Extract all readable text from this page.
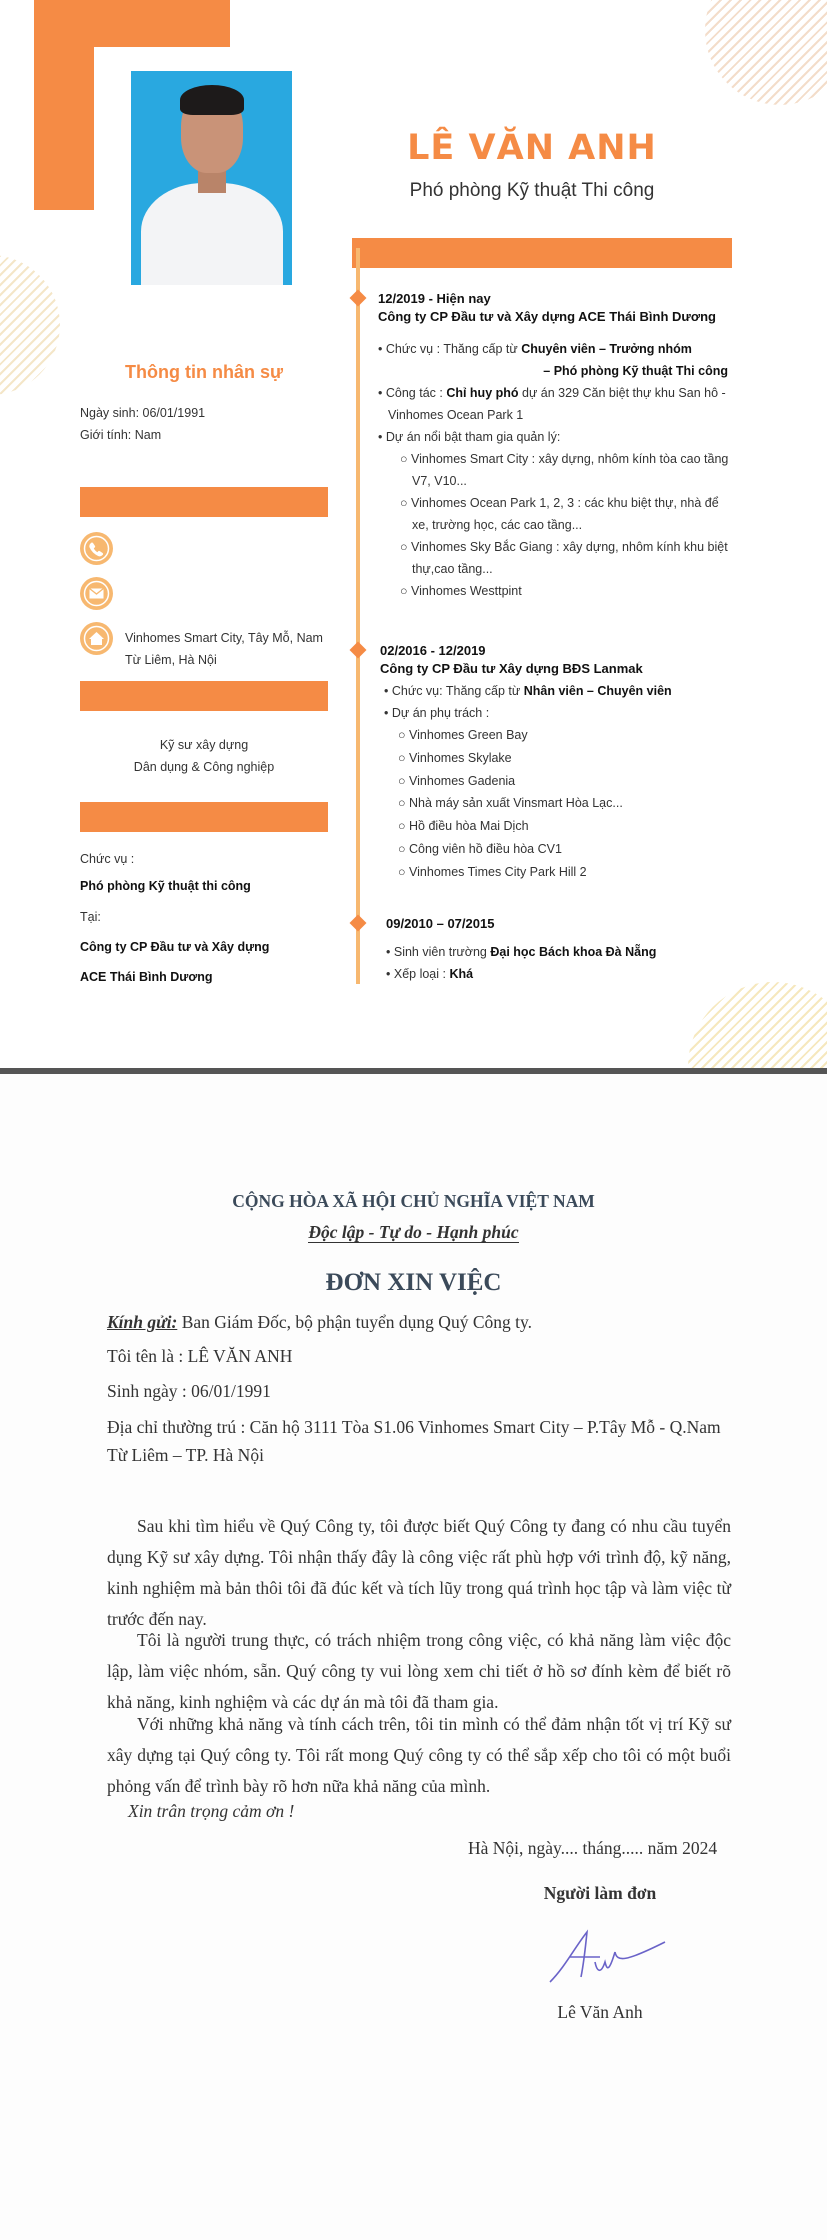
LÊ VĂN ANH
Phó phòng Kỹ thuật Thi công
Thông tin nhân sự
Ngày sinh: 06/01/1991
Giới tính: Nam
Vinhomes Smart City, Tây Mỗ, Nam Từ Liêm, Hà Nội
Kỹ sư xây dựng
Dân dụng & Công nghiệp
Chức vụ :
Phó phòng Kỹ thuật thi công
Tại:
Công ty CP Đầu tư và Xây dựng
ACE Thái Bình Dương
12/2019 - Hiện nay
Công ty CP Đầu tư và Xây dựng ACE Thái Bình Dương
• Chức vụ : Thăng cấp từ Chuyên viên – Trưởng nhóm
– Phó phòng Kỹ thuật Thi công
• Công tác : Chỉ huy phó dự án 329 Căn biệt thự khu San hô - Vinhomes Ocean Park 1
• Dự án nổi bật tham gia quản lý:
○ Vinhomes Smart City : xây dựng, nhôm kính tòa cao tầng V7, V10...
○ Vinhomes Ocean Park 1, 2, 3 : các khu biệt thự, nhà để xe, trường học, các cao tầng...
○ Vinhomes Sky Bắc Giang : xây dựng, nhôm kính khu biệt thự,cao tầng...
○ Vinhomes Westtpint
02/2016 - 12/2019
Công ty CP Đầu tư Xây dựng BĐS Lanmak
• Chức vụ: Thăng cấp từ Nhân viên – Chuyên viên
• Dự án phụ trách :
○ Vinhomes Green Bay
○ Vinhomes Skylake
○ Vinhomes Gadenia
○ Nhà máy sản xuất Vinsmart Hòa Lạc...
○ Hồ điều hòa Mai Dịch
○ Công viên hồ điều hòa CV1
○ Vinhomes Times City Park Hill 2
09/2010 – 07/2015
• Sinh viên trường Đại học Bách khoa Đà Nẵng
• Xếp loại : Khá
CỘNG HÒA XÃ HỘI CHỦ NGHĨA VIỆT NAM
Độc lập - Tự do - Hạnh phúc
ĐƠN XIN VIỆC
Kính gửi: Ban Giám Đốc, bộ phận tuyển dụng Quý Công ty.
Tôi tên là : LÊ VĂN ANH
Sinh ngày : 06/01/1991
Địa chỉ thường trú : Căn hộ 3111 Tòa S1.06 Vinhomes Smart City – P.Tây Mỗ - Q.Nam
Từ Liêm – TP. Hà Nội
Sau khi tìm hiểu về Quý Công ty, tôi được biết Quý Công ty đang có nhu cầu tuyển dụng Kỹ sư xây dựng. Tôi nhận thấy đây là công việc rất phù hợp với trình độ, kỹ năng, kinh nghiệm mà bản thôi tôi đã đúc kết và tích lũy trong quá trình học tập và làm việc từ trước đến nay.
Tôi là người trung thực, có trách nhiệm trong công việc, có khả năng làm việc độc lập, làm việc nhóm, sẵn. Quý công ty vui lòng xem chi tiết ở hồ sơ đính kèm để biết rõ khả năng, kinh nghiệm và các dự án mà tôi đã tham gia.
Với những khả năng và tính cách trên, tôi tin mình có thể đảm nhận tốt vị trí Kỹ sư xây dựng tại Quý công ty. Tôi rất mong Quý công ty có thể sắp xếp cho tôi có một buổi phỏng vấn để trình bày rõ hơn nữa khả năng của mình.
Xin trân trọng cảm ơn !
Hà Nội, ngày.... tháng..... năm 2024
Người làm đơn
Lê Văn Anh
